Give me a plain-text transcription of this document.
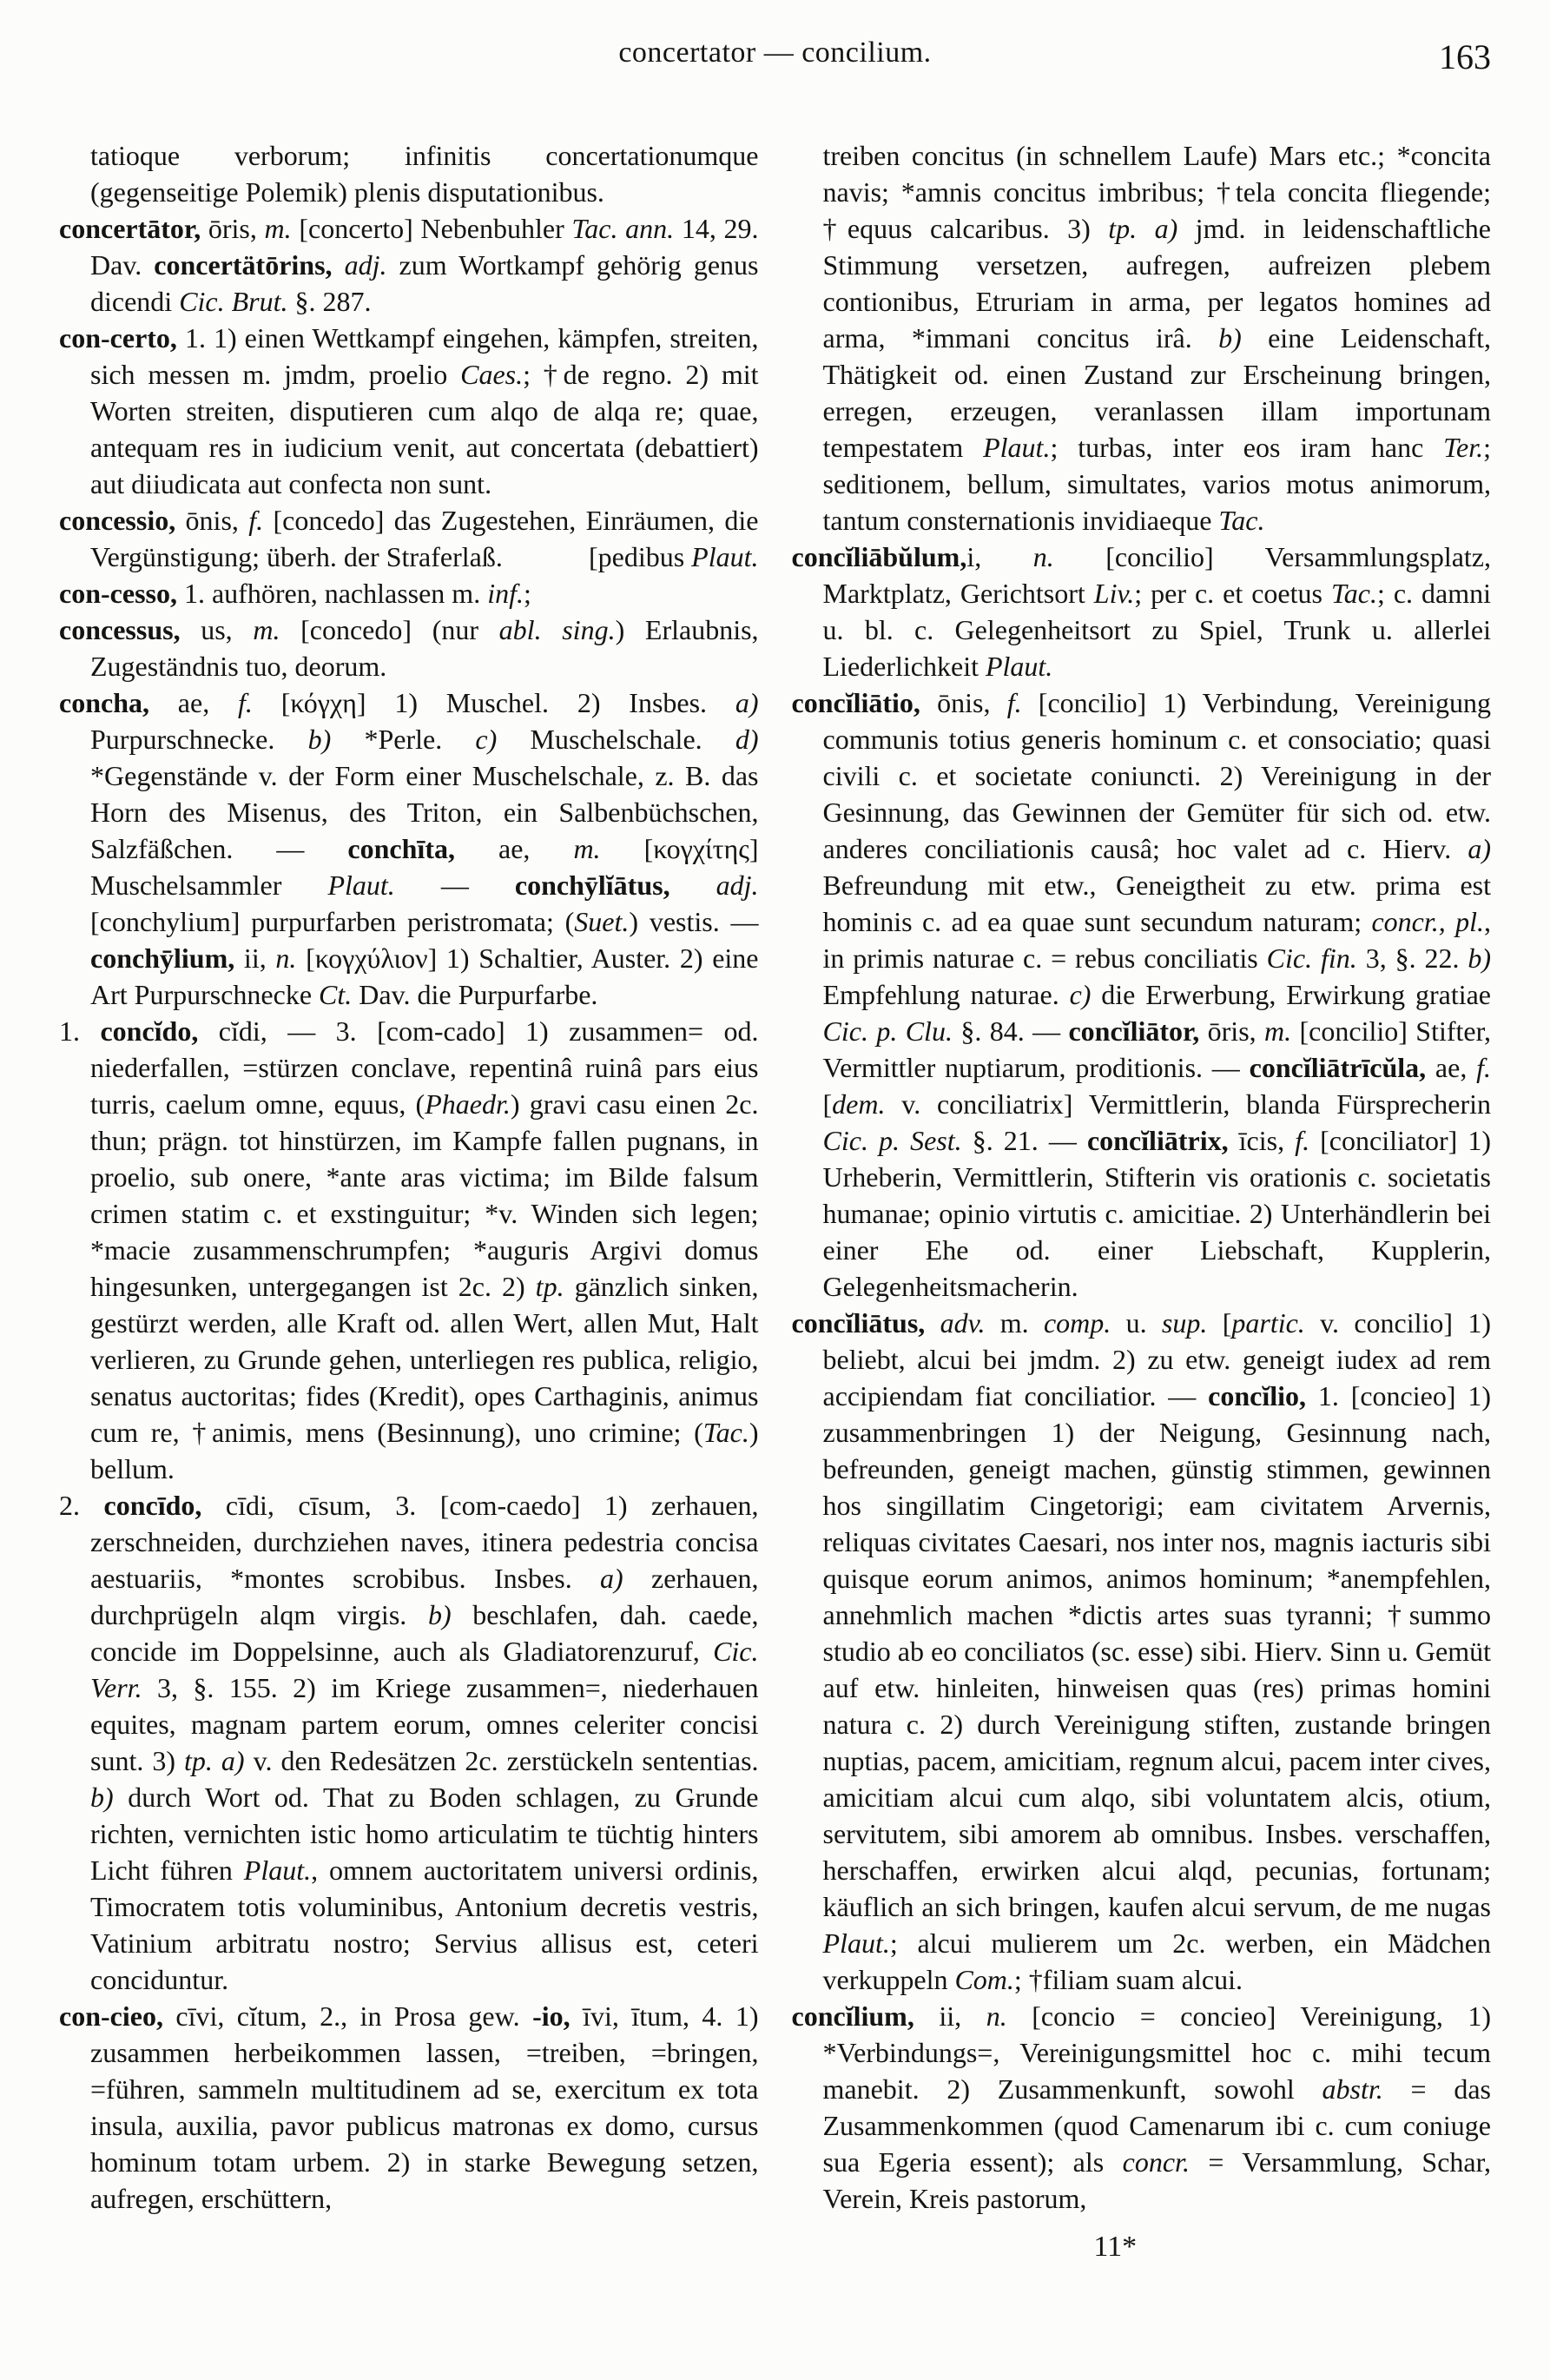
concertator — concilium.	163

tatioque verborum; infinitis concertationumque (gegenseitige Polemik) plenis disputationibus.

concertātor, ōris, m. [concerto] Nebenbuhler Tac. ann. 14, 29. Dav. concertätōrins, adj. zum Wortkampf gehörig genus dicendi Cic. Brut. §. 287.

con-certo, 1. 1) einen Wettkampf eingehen, kämpfen, streiten, sich messen m. jmdm, proelio Caes.; †de regno. 2) mit Worten streiten, disputieren cum alqo de alqa re; quae, antequam res in iudicium venit, aut concertata (debattiert) aut diiudicata aut confecta non sunt.

concessio, ōnis, f. [concedo] das Zugestehen, Einräumen, die Vergünstigung; überh. der Straferlaß.	[pedibus Plaut.

con-cesso, 1. aufhören, nachlassen m. inf.;

concessus, us, m. [concedo] (nur abl. sing.) Erlaubnis, Zugeständnis tuo, deorum.

concha, ae, f. [κόγχη] 1) Muschel. 2) Insbes. a) Purpurschnecke. b) *Perle. c) Muschelschale. d) *Gegenstände v. der Form einer Muschelschale, z. B. das Horn des Misenus, des Triton, ein Salbenbüchschen, Salzfäßchen. — conchīta, ae, m. [κογχίτης] Muschelsammler Plaut. — conchȳlĭātus, adj. [conchylium] purpurfarben peristromata; (Suet.) vestis. — conchȳlium, ii, n. [κογχύλιον] 1) Schaltier, Auster. 2) eine Art Purpurschnecke Ct. Dav. die Purpurfarbe.

1. concĭdo, cĭdi, — 3. [com-cado] 1) zusammen= od. niederfallen, =stürzen conclave, repentinâ ruinâ pars eius turris, caelum omne, equus, (Phaedr.) gravi casu einen 2c. thun; prägn. tot hinstürzen, im Kampfe fallen pugnans, in proelio, sub onere, *ante aras victima; im Bilde falsum crimen statim c. et exstinguitur; *v. Winden sich legen; *macie zusammenschrumpfen; *auguris Argivi domus hingesunken, untergegangen ist 2c. 2) tp. gänzlich sinken, gestürzt werden, alle Kraft od. allen Wert, allen Mut, Halt verlieren, zu Grunde gehen, unterliegen res publica, religio, senatus auctoritas; fides (Kredit), opes Carthaginis, animus cum re, †animis, mens (Besinnung), uno crimine; (Tac.) bellum.

2. concīdo, cīdi, cīsum, 3. [com-caedo] 1) zerhauen, zerschneiden, durchziehen naves, itinera pedestria concisa aestuariis, *montes scrobibus. Insbes. a) zerhauen, durchprügeln alqm virgis. b) beschlafen, dah. caede, concide im Doppelsinne, auch als Gladiatorenzuruf, Cic. Verr. 3, §. 155. 2) im Kriege zusammen=, niederhauen equites, magnam partem eorum, omnes celeriter concisi sunt. 3) tp. a) v. den Redesätzen 2c. zerstückeln sententias. b) durch Wort od. That zu Boden schlagen, zu Grunde richten, vernichten istic homo articulatim te tüchtig hinters Licht führen Plaut., omnem auctoritatem universi ordinis, Timocratem totis voluminibus, Antonium decretis vestris, Vatinium arbitratu nostro; Servius allisus est, ceteri conciduntur.

con-cieo, cīvi, cĭtum, 2., in Prosa gew. -io, īvi, ītum, 4. 1) zusammen herbeikommen lassen, =treiben, =bringen, =führen, sammeln multitudinem ad se, exercitum ex tota insula, auxilia, pavor publicus matronas ex domo, cursus hominum totam urbem. 2) in starke Bewegung setzen, aufregen, erschüttern,

treiben concitus (in schnellem Laufe) Mars etc.; *concita navis; *amnis concitus imbribus; †tela concita fliegende; †equus calcaribus. 3) tp. a) jmd. in leidenschaftliche Stimmung versetzen, aufregen, aufreizen plebem contionibus, Etruriam in arma, per legatos homines ad arma, *immani concitus irâ. b) eine Leidenschaft, Thätigkeit od. einen Zustand zur Erscheinung bringen, erregen, erzeugen, veranlassen illam importunam tempestatem Plaut.; turbas, inter eos iram hanc Ter.; seditionem, bellum, simultates, varios motus animorum, tantum consternationis invidiaeque Tac.

concĭliābŭlum,i, n. [concilio] Versammlungsplatz, Marktplatz, Gerichtsort Liv.; per c. et coetus Tac.; c. damni u. bl. c. Gelegenheitsort zu Spiel, Trunk u. allerlei Liederlichkeit Plaut.

concĭliātio, ōnis, f. [concilio] 1) Verbindung, Vereinigung communis totius generis hominum c. et consociatio; quasi civili c. et societate coniuncti. 2) Vereinigung in der Gesinnung, das Gewinnen der Gemüter für sich od. etw. anderes conciliationis causâ; hoc valet ad c. Hierv. a) Befreundung mit etw., Geneigtheit zu etw. prima est hominis c. ad ea quae sunt secundum naturam; concr., pl., in primis naturae c. = rebus conciliatis Cic. fin. 3, §. 22. b) Empfehlung naturae. c) die Erwerbung, Erwirkung gratiae Cic. p. Clu. §. 84. — concĭliātor, ōris, m. [concilio] Stifter, Vermittler nuptiarum, proditionis. — concĭliātrīcŭla, ae, f. [dem. v. conciliatrix] Vermittlerin, blanda Fürsprecherin Cic. p. Sest. §. 21. — concĭliātrix, īcis, f. [conciliator] 1) Urheberin, Vermittlerin, Stifterin vis orationis c. societatis humanae; opinio virtutis c. amicitiae. 2) Unterhändlerin bei einer Ehe od. einer Liebschaft, Kupplerin, Gelegenheitsmacherin.

concĭliātus, adv. m. comp. u. sup. [partic. v. concilio] 1) beliebt, alcui bei jmdm. 2) zu etw. geneigt iudex ad rem accipiendam fiat conciliatior. — concĭlio, 1. [concieo] 1) zusammenbringen 1) der Neigung, Gesinnung nach, befreunden, geneigt machen, günstig stimmen, gewinnen hos singillatim Cingetorigi; eam civitatem Arvernis, reliquas civitates Caesari, nos inter nos, magnis iacturis sibi quisque eorum animos, animos hominum; *anempfehlen, annehmlich machen *dictis artes suas tyranni; †summo studio ab eo conciliatos (sc. esse) sibi. Hierv. Sinn u. Gemüt auf etw. hinleiten, hinweisen quas (res) primas homini natura c. 2) durch Vereinigung stiften, zustande bringen nuptias, pacem, amicitiam, regnum alcui, pacem inter cives, amicitiam alcui cum alqo, sibi voluntatem alcis, otium, servitutem, sibi amorem ab omnibus. Insbes. verschaffen, herschaffen, erwirken alcui alqd, pecunias, fortunam; käuflich an sich bringen, kaufen alcui servum, de me nugas Plaut.; alcui mulierem um 2c. werben, ein Mädchen verkuppeln Com.; †filiam suam alcui.

concĭlium, ii, n. [concio = concieo] Vereinigung, 1) *Verbindungs=, Vereinigungsmittel hoc c. mihi tecum manebit. 2) Zusammenkunft, sowohl abstr. = das Zusammenkommen (quod Camenarum ibi c. cum coniuge sua Egeria essent); als concr. = Versammlung, Schar, Verein, Kreis pastorum,

11*
